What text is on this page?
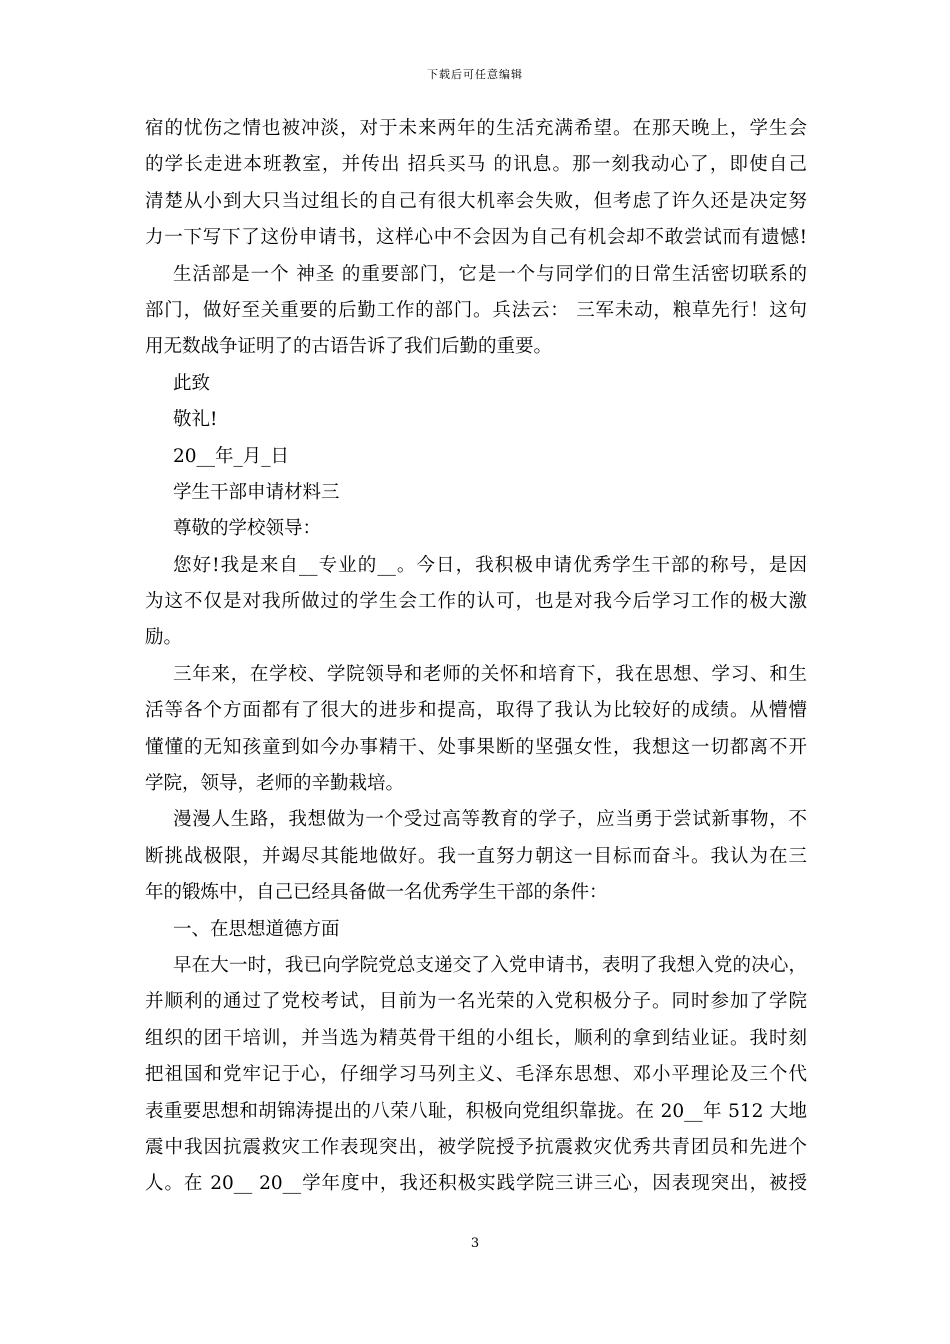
下载后可任意编辑
宿的忧伤之情也被冲淡，对于未来两年的生活充满希望。在那天晚上，学生会
的学长走进本班教室，并传出 招兵买马 的讯息。那一刻我动心了，即使自己
清楚从小到大只当过组长的自己有很大机率会失败，但考虑了许久还是决定努
力一下写下了这份申请书，这样心中不会因为自己有机会却不敢尝试而有遗憾!
生活部是一个 神圣 的重要部门，它是一个与同学们的日常生活密切联系的
部门，做好至关重要的后勤工作的部门。兵法云： 三军未动，粮草先行！这句
用无数战争证明了的古语告诉了我们后勤的重要。
此致
敬礼!
20__年_月_日
学生干部申请材料三
尊敬的学校领导：
您好!我是来自__专业的__。今日，我积极申请优秀学生干部的称号，是因
为这不仅是对我所做过的学生会工作的认可，也是对我今后学习工作的极大激
励。
三年来，在学校、学院领导和老师的关怀和培育下，我在思想、学习、和生
活等各个方面都有了很大的进步和提高，取得了我认为比较好的成绩。从懵懵
懂懂的无知孩童到如今办事精干、处事果断的坚强女性，我想这一切都离不开
学院，领导，老师的辛勤栽培。
漫漫人生路，我想做为一个受过高等教育的学子，应当勇于尝试新事物，不
断挑战极限，并竭尽其能地做好。我一直努力朝这一目标而奋斗。我认为在三
年的锻炼中，自己已经具备做一名优秀学生干部的条件：
一、在思想道德方面
早在大一时，我已向学院党总支递交了入党申请书，表明了我想入党的决心，
并顺利的通过了党校考试，目前为一名光荣的入党积极分子。同时参加了学院
组织的团干培训，并当选为精英骨干组的小组长，顺利的拿到结业证。我时刻
把祖国和党牢记于心，仔细学习马列主义、毛泽东思想、邓小平理论及三个代
表重要思想和胡锦涛提出的八荣八耻，积极向党组织靠拢。在 20__年 512 大地
震中我因抗震救灾工作表现突出，被学院授予抗震救灾优秀共青团员和先进个
人。在 20__ 20__学年度中，我还积极实践学院三讲三心，因表现突出，被授
3
